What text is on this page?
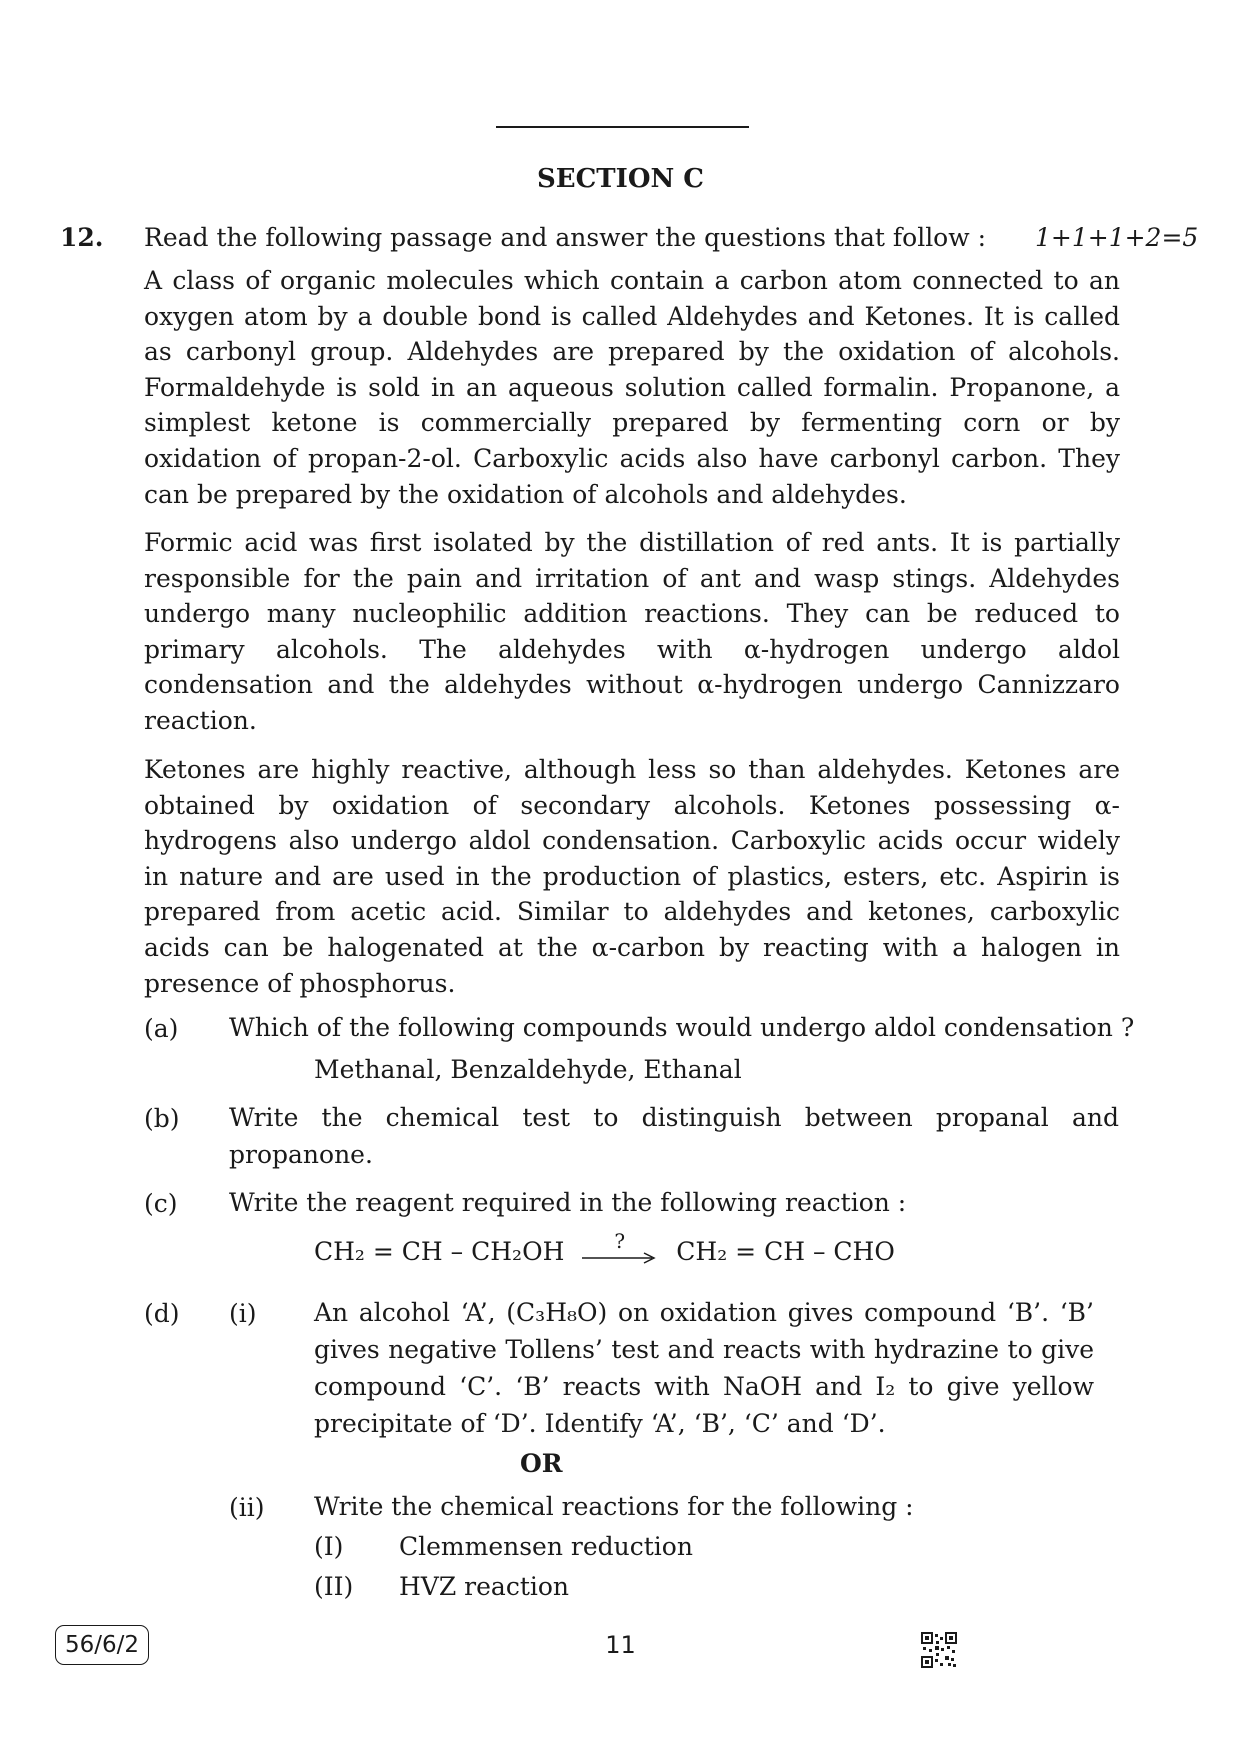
SECTION C
12. Read the following passage and answer the questions that follow :	1+1+1+2=5
A class of organic molecules which contain a carbon atom connected to an oxygen atom by a double bond is called Aldehydes and Ketones. It is called as carbonyl group. Aldehydes are prepared by the oxidation of alcohols. Formaldehyde is sold in an aqueous solution called formalin. Propanone, a simplest ketone is commercially prepared by fermenting corn or by oxidation of propan-2-ol. Carboxylic acids also have carbonyl carbon. They can be prepared by the oxidation of alcohols and aldehydes.
Formic acid was first isolated by the distillation of red ants. It is partially responsible for the pain and irritation of ant and wasp stings. Aldehydes undergo many nucleophilic addition reactions. They can be reduced to primary alcohols. The aldehydes with α-hydrogen undergo aldol condensation and the aldehydes without α-hydrogen undergo Cannizzaro reaction.
Ketones are highly reactive, although less so than aldehydes. Ketones are obtained by oxidation of secondary alcohols. Ketones possessing α-hydrogens also undergo aldol condensation. Carboxylic acids occur widely in nature and are used in the production of plastics, esters, etc. Aspirin is prepared from acetic acid. Similar to aldehydes and ketones, carboxylic acids can be halogenated at the α-carbon by reacting with a halogen in presence of phosphorus.
(a) Which of the following compounds would undergo aldol condensation ?
Methanal, Benzaldehyde, Ethanal
(b) Write the chemical test to distinguish between propanal and propanone.
(c) Write the reagent required in the following reaction :
CH₂ = CH – CH₂OH ? CH₂ = CH – CHO
(d) (i) An alcohol ‘A’, (C₃H₈O) on oxidation gives compound ‘B’. ‘B’ gives negative Tollens’ test and reacts with hydrazine to give compound ‘C’. ‘B’ reacts with NaOH and I₂ to give yellow precipitate of ‘D’. Identify ‘A’, ‘B’, ‘C’ and ‘D’.
OR
(ii) Write the chemical reactions for the following :
(I) Clemmensen reduction
(II) HVZ reaction
56/6/2	11
